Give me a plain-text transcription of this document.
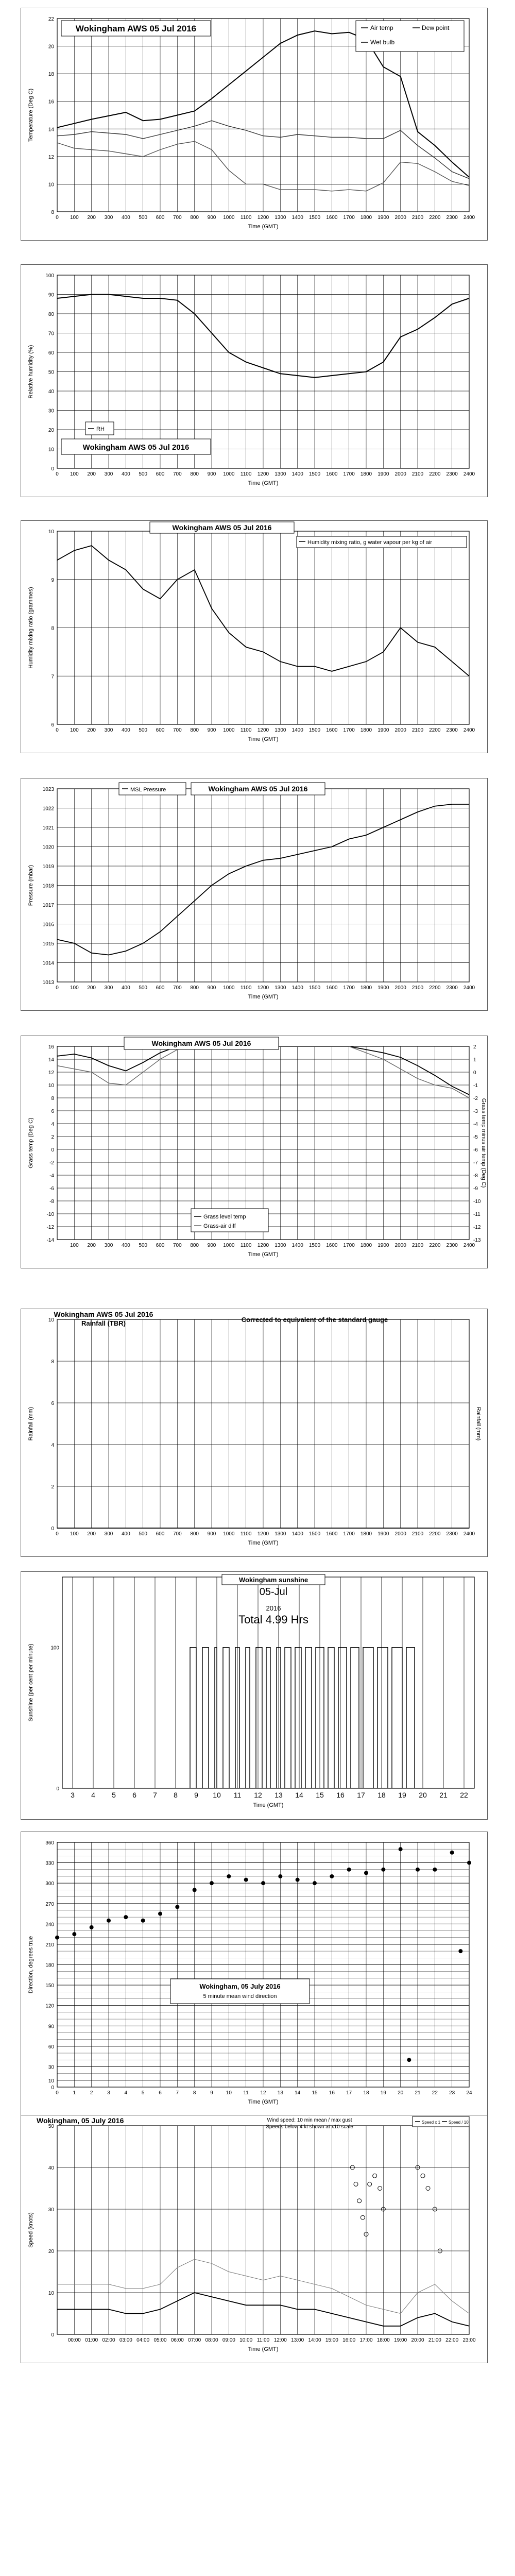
8
10
12
14
16
18
20
22
0 100 200 300 400 500 600 700 800 900 1000 1100 1200 1300 1400 1500 1600 1700 1800 1900 2000 2100 2200 2300 2400
Time (GMT)
Temperature (Deg C)
Wokingham AWS 05 Jul 2016	Air temp	Dew point
Wet bulb
0
10
20
30
40
50
60
70
80
90
100
0 100 200 300 400 500 600 700 800 900 1000 1100 1200 1300 1400 1500 1600 1700 1800 1900 2000 2100 2200 2300 2400
Time (GMT)
Relative humidity (%)
RH
Wokingham AWS 05 Jul 2016
6
7
8
9
10
0 100 200 300 400 500 600 700 800 900 1000 1100 1200 1300 1400 1500 1600 1700 1800 1900 2000 2100 2200 2300 2400
Time (GMT)
Humidity mixing ratio (grammes)
Wokingham AWS 05 Jul 2016
Humidity mixing ratio, g water vapour per kg of air
1013
1014
1015
1016
1017
1018
1019
1020
1021
1022
1023
0 100 200 300 400 500 600 700 800 900 1000 1100 1200 1300 1400 1500 1600 1700 1800 1900 2000 2100 2200 2300 2400
Time (GMT)
Pressure (mbar)
MSL Pressure	Wokingham AWS 05 Jul 2016
-14
-12
-10
-8
-6
-4
-2
0
2
4
6
8
10
12
14
16
100 200 300 400 500 600 700 800 900 1000 1100 1200 1300 1400 1500 1600 1700 1800 1900 2000 2100 2200 2300 2400
Time (GMT)
Grass temp (Deg C)
-13
-12
-11
-10
-9
-8
-7
-6
-5
-4
-3
-2
-1
0
1
2
Grass temp minus air temp (Deg C)
Wokingham AWS 05 Jul 2016
Grass level temp
Grass-air diff
0
2
4
6
8
10
0 100 200 300 400 500 600 700 800 900 1000 1100 1200 1300 1400 1500 1600 1700 1800 1900 2000 2100 2200 2300 2400
Time (GMT)
Rainfall (mm)	Rainfall (mm)
Wokingham AWS 05 Jul 2016
Rainfall (TBR)	Corrected to equivalent of the standard gauge
3 4 5 6 7 8 9 10 11 12 13 14 15 16 17 18 19 20 21 22
0
100
Time (GMT)
Sunshine (per cent per minute)
Wokingham sunshine
05-Jul
2016
Total 4.99 Hrs
0
10
30
60
90
120
150
180
210
240
270
300
330
360
0	1	2	3	4	5	6	7	8	9 10 11 12 13 14 15 16 17 18 19 20 21 22 23 24
Time (GMT)
Direction, degrees true	Wokingham, 05 July 2016
5 minute mean wind direction
0
10
20
30
40
50
00:00 01:00 02:00 03:00 04:00 05:00 06:00 07:00 08:00 09:00 10:00 11:00 12:00 13:00 14:00 15:00 16:00 17:00 18:00 19:00 20:00 21:00 22:00 23:00
Time (GMT)
Speed (knots)
Wokingham, 05 July 2016	Wind speed: 10 min mean / max gust
Speeds below 4 kt shown at x10 scale
Speed x 1 Speed / 10
